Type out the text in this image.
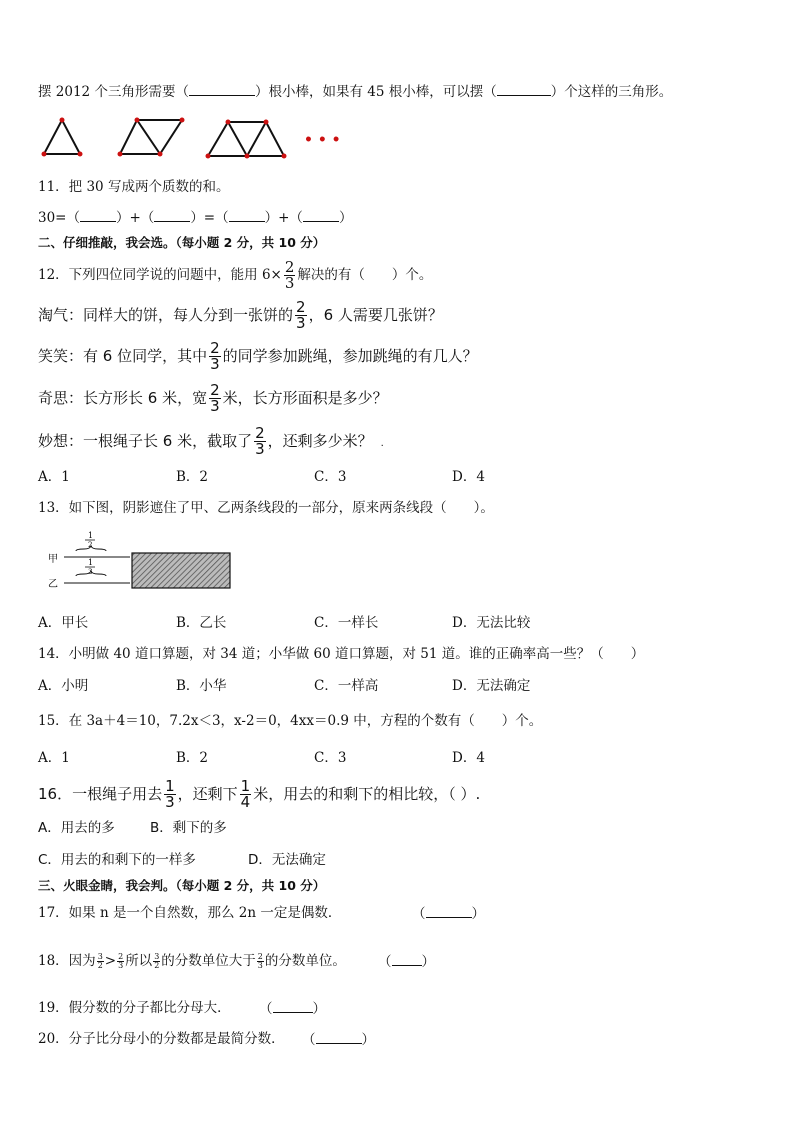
摆 2012 个三角形需要（	）根小棒，如果有 45 根小棒，可以摆（	）个这样的三角形。
• • •
11．把 30 写成两个质数的和。
30=（	）+（	）=（	）+（	）
二、仔细推敲，我会选。（每小题 2 分，共 10 分）
12．下列四位同学说的问题中，能用 $6\times \frac{2}{3}$ 解决的有（　　）个。
淘气：同样大的饼，每人分到一张饼的 $\frac{2}{3}$ ，6 人需要几张饼？
笑笑：有 6 位同学，其中 $\frac{2}{3}$ 的同学参加跳绳，参加跳绳的有几人？
奇思：长方形长 6 米，宽 $\frac{2}{3}$ 米，长方形面积是多少？
妙想：一根绳子长 6 米，截取了 $\frac{2}{3}$ ，还剩多少米？ .
A．1	B．2	C．3	D．4
13．如下图，阴影遮住了甲、乙两条线段的一部分，原来两条线段（　　）。
甲
乙
1
2
1
3
A．甲长	B．乙长	C．一样长	D．无法比较
14．小明做 40 道口算题，对 34 道；小华做 60 道口算题，对 51 道。谁的正确率高一些？（　　）
A．小明	B．小华	C．一样高	D．无法确定
15．在 3a＋4＝10，7.2x＜3，x-2＝0，4xx＝0.9 中，方程的个数有（　　）个。
A．1	B．2	C．3	D．4
16．一根绳子用去 $\frac{1}{3}$ ，还剩下 $\frac{1}{4}$ 米，用去的和剩下的相比较，（ ）.
A．用去的多	B．剩下的多
C．用去的和剩下的一样多	D．无法确定
三、火眼金睛，我会判。（每小题 2 分，共 10 分）
17．如果 n 是一个自然数，那么 2n 一定是偶数．	（	）
18．因为 $\frac{3}{2} > \frac{2}{3}$ 所以 $\frac{3}{2}$ 的分数单位大于 $\frac{2}{3}$ 的分数单位。 （ ）
19．假分数的分子都比分母大． （	）
20．分子比分母小的分数都是最简分数． （	）
